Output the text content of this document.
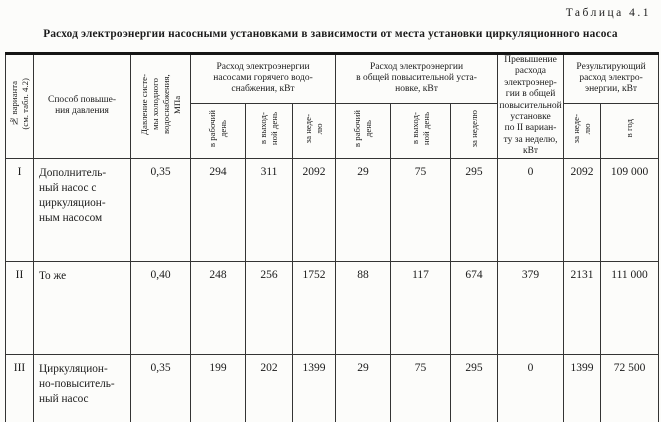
Таблица 4.1
Расход электроэнергии насосными установками в зависимости от места установки циркуляционного насоса
№ варианта
(см. табл. 4.2)	Способ повыше-
ния давления	Давление систе-
мы холодного
водоснабжения,
МПа	Расход электроэнергии
насосами горячего водо-
снабжения, кВт	Расход электроэнергии
в общей повысительной уста-
новке, кВт	Превышение
расхода
электроэнер-
гии в общей
повысительной
установке
по II вариан-
ту за неделю,
кВт	Результирующий
расход электро-
энергии, кВт
			в рабочий
день	в выход-
ной день	за неде-
лю	в рабочий
день	в выход-
ной день	за неделю		за неде-
лю	в год
I	Дополнитель-
ный насос с
циркуляцион-
ным насосом	0,35	294	311	2092	29	75	295	0	2092	109 000
II	То же	0,40	248	256	1752	88	117	674	379	2131	111 000
III	Циркуляцион-
но-повыситель-
ный насос	0,35	199	202	1399	29	75	295	0	1399	72 500
